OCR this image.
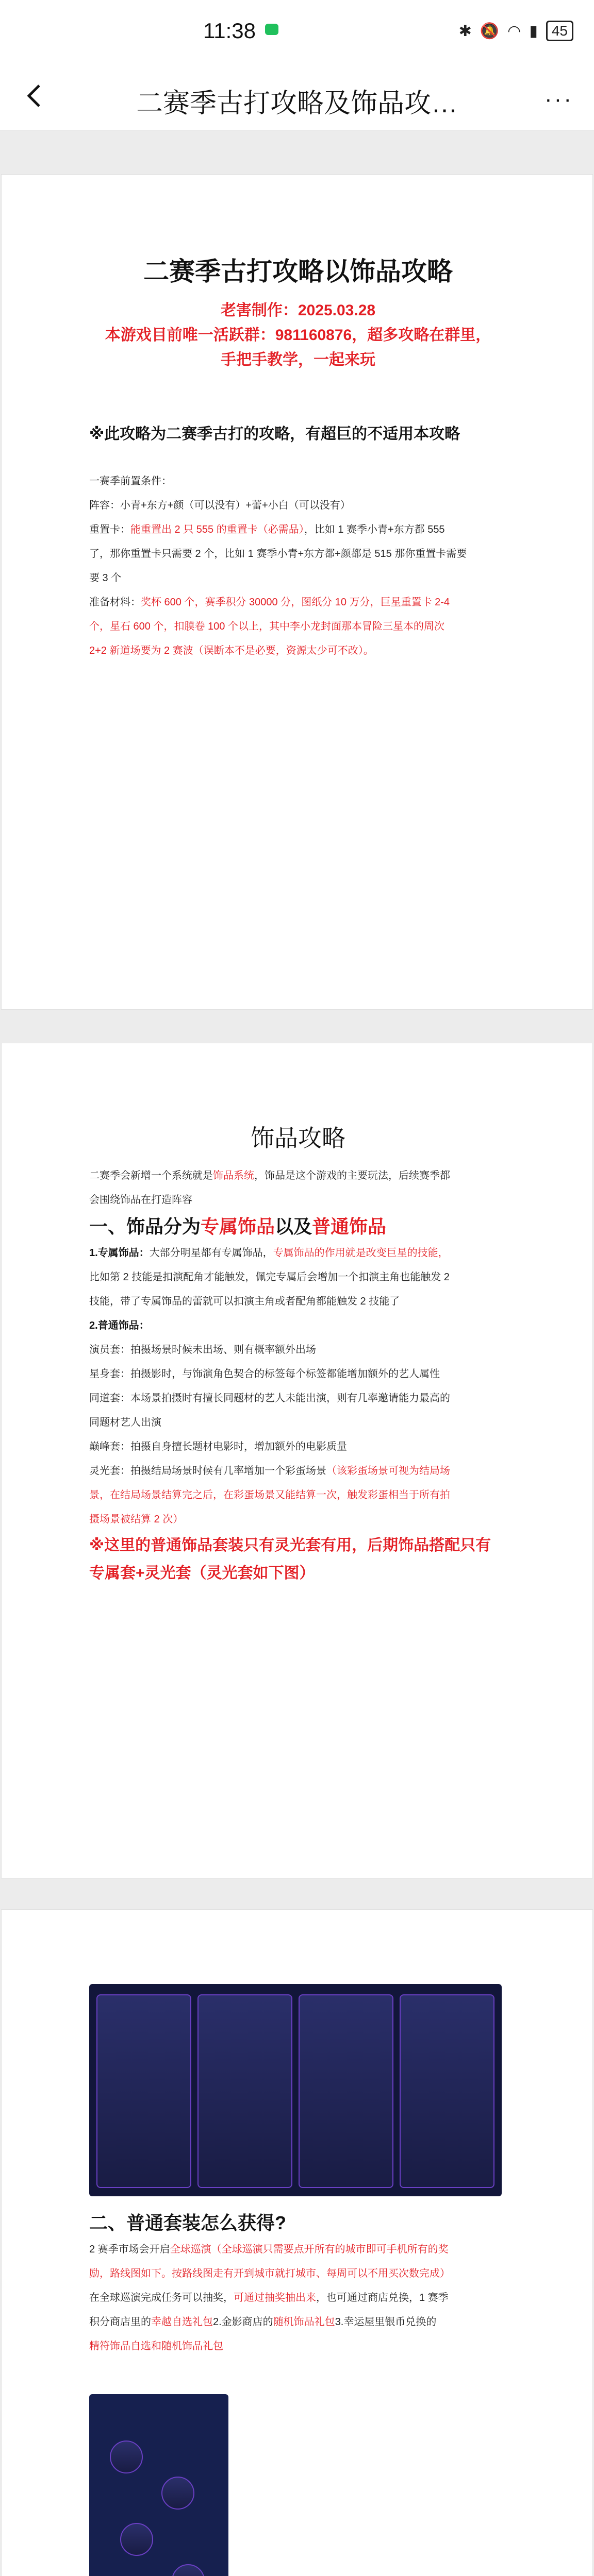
11:38	✱ 🔕 ◠ ▮ 45
二赛季古打攻略及饰品攻…	···

二赛季古打攻略以饰品攻略

老害制作：2025.03.28

本游戏目前唯一活跃群：981160876，超多攻略在群里，

手把手教学，一起来玩

※此攻略为二赛季古打的攻略，有超巨的不适用本攻略

一赛季前置条件：

阵容：小青+东方+颜（可以没有）+蕾+小白（可以没有）

重置卡：能重置出 2 只 555 的重置卡（必需品），比如 1 赛季小青+东方都 555

了，那你重置卡只需要 2 个，比如 1 赛季小青+东方都+颜都是 515 那你重置卡需要

要 3 个

准备材料：奖杯 600 个，赛季积分 30000 分，图纸分 10 万分，巨星重置卡 2-4

个，星石 600 个，扣膜卷 100 个以上，其中李小龙封面那本冒险三星本的周次

2+2 新道场要为 2 赛波（误断本不是必要，资源太少可不改）。

饰品攻略

二赛季会新增一个系统就是饰品系统，饰品是这个游戏的主要玩法，后续赛季都

会围绕饰品在打造阵容

一、饰品分为专属饰品以及普通饰品

1.专属饰品：大部分明星都有专属饰品，专属饰品的作用就是改变巨星的技能，

比如第 2 技能是扣演配角才能触发，佩完专属后会增加一个扣演主角也能触发 2

技能，带了专属饰品的蕾就可以扣演主角或者配角都能触发 2 技能了

2.普通饰品：

演员套：拍摄场景时候未出场、则有概率额外出场

星身套：拍摄影时，与饰演角色契合的标签每个标签都能增加额外的艺人属性

同道套：本场景拍摄时有擅长同题材的艺人未能出演，则有几率邀请能力最高的

同题材艺人出演

巅峰套：拍摄自身擅长题材电影时，增加额外的电影质量

灵光套：拍摄结局场景时候有几率增加一个彩蛋场景（该彩蛋场景可视为结局场

景，在结局场景结算完之后，在彩蛋场景又能结算一次，触发彩蛋相当于所有拍

摄场景被结算 2 次）

※这里的普通饰品套装只有灵光套有用，后期饰品搭配只有

专属套+灵光套（灵光套如下图）

二、普通套装怎么获得?

2 赛季市场会开启全球巡演（全球巡演只需要点开所有的城市即可手机所有的奖

励，路线图如下。按路线图走有开到城市就打城市、每周可以不用买次数完成）

在全球巡演完成任务可以抽奖，可通过抽奖抽出来，也可通过商店兑换，1 赛季

积分商店里的幸越自选礼包2.金影商店的随机饰品礼包3.幸运屋里银币兑换的

精符饰品自选和随机饰品礼包
